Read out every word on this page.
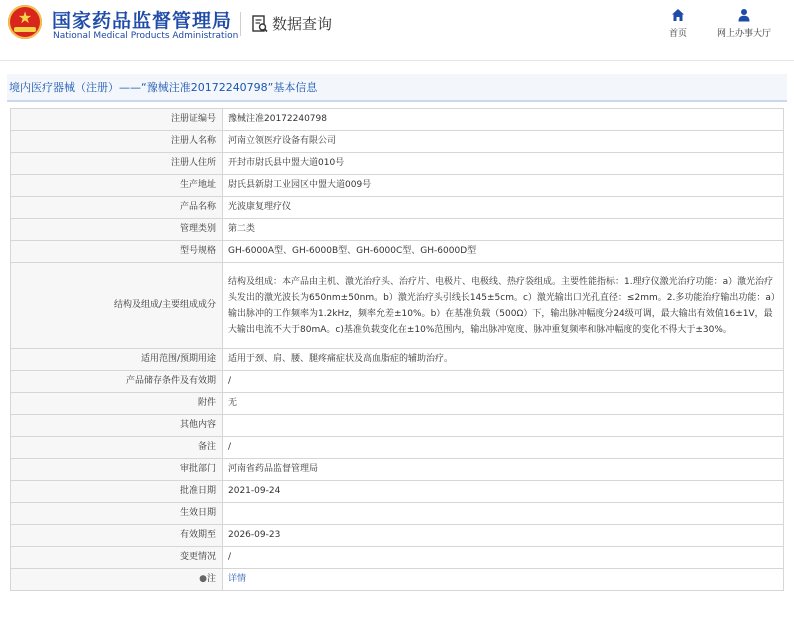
★	国家药品监督管理局
National Medical Products Administration
数据查询
首页	网上办事大厅
境内医疗器械（注册）——“豫械注准20172240798”基本信息
注册证编号	豫械注准20172240798
注册人名称	河南立领医疗设备有限公司
注册人住所	开封市尉氏县中盟大道010号
生产地址	尉氏县新尉工业园区中盟大道009号
产品名称	光波康复理疗仪
管理类别	第二类
型号规格	GH-6000A型、GH-6000B型、GH-6000C型、GH-6000D型
结构及组成/主要组成成分	结构及组成：本产品由主机、激光治疗头、治疗片、电极片、电极线、热疗袋组成。主要性能指标：1.理疗仪激光治疗功能：a）激光治疗头发出的激光波长为650nm±50nm。b）激光治疗头引线长145±5cm。c）激光输出口光孔直径：≤2mm。2.多功能治疗输出功能：a）输出脉冲的工作频率为1.2kHz，频率允差±10%。b）在基准负载（500Ω）下，输出脉冲幅度分24级可调，最大输出有效值16±1V，最大输出电流不大于80mA。c)基准负载变化在±10%范围内，输出脉冲宽度、脉冲重复频率和脉冲幅度的变化不得大于±30%。
适用范围/预期用途	适用于颈、肩、腰、腿疼痛症状及高血脂症的辅助治疗。
产品储存条件及有效期	/
附件	无
其他内容	
备注	/
审批部门	河南省药品监督管理局
批准日期	2021-09-24
生效日期	
有效期至	2026-09-23
变更情况	/
●注	详情
